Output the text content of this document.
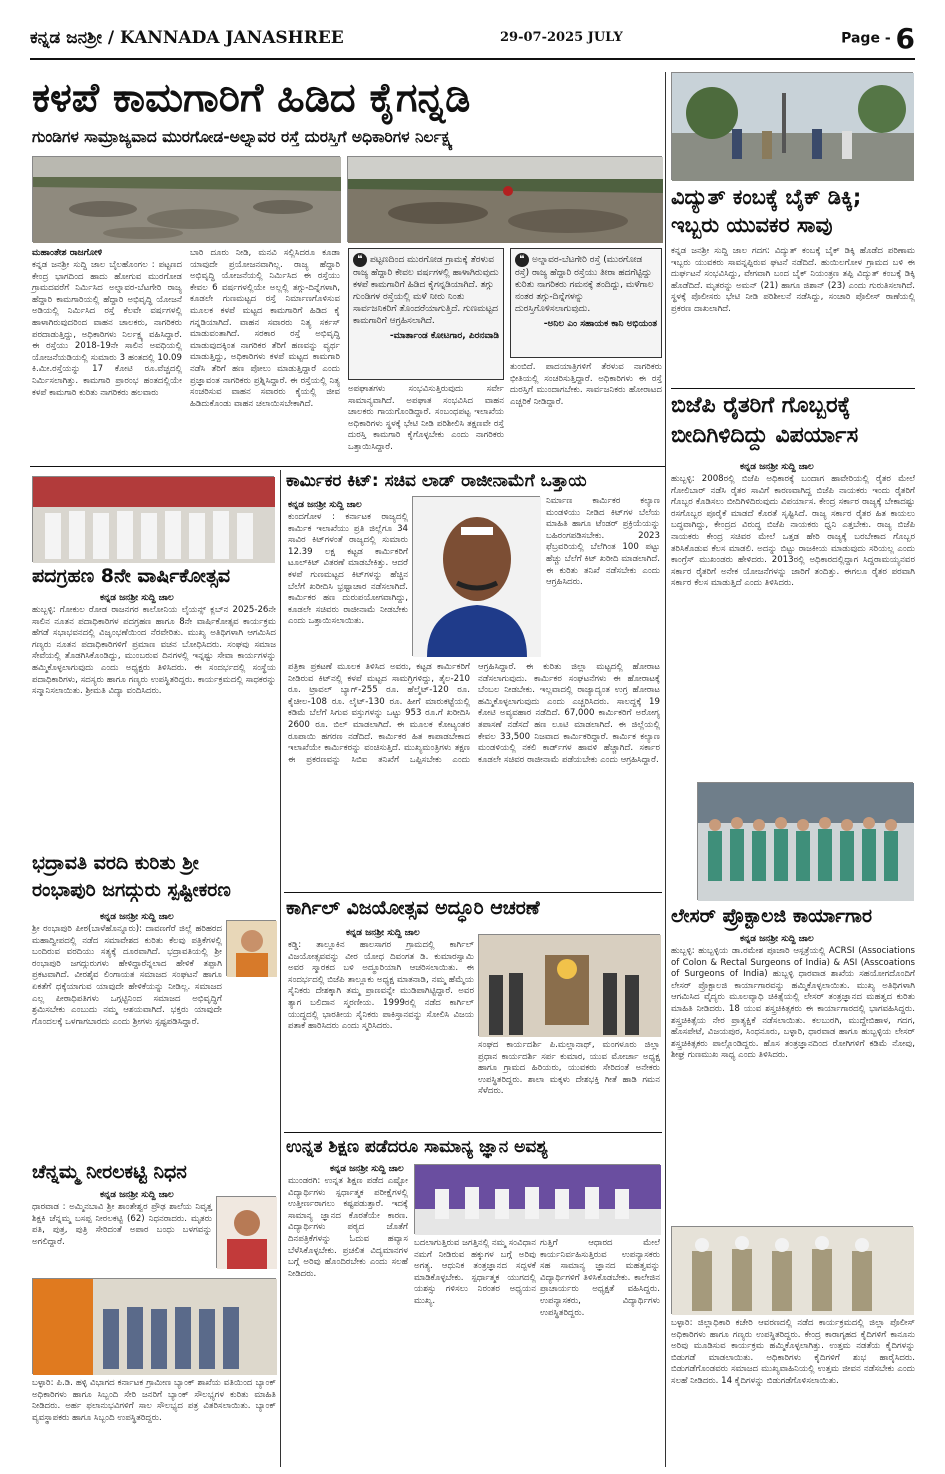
ಕನ್ನಡ ಜನಶ್ರೀ / KANNADA JANASHREE	29-07-2025 JULY	Page - 6
ಕಳಪೆ ಕಾಮಗಾರಿಗೆ ಹಿಡಿದ ಕೈಗನ್ನಡಿ
ಗುಂಡಿಗಳ ಸಾಮ್ರಾಜ್ಯವಾದ ಮುರಗೋಡ-ಅಲ್ನಾವರ ರಸ್ತೆ ದುರಸ್ತಿಗೆ ಅಧಿಕಾರಿಗಳ ನಿರ್ಲಕ್ಷ್ಯ
ಮಹಾಂತೇಶ ರಾಜಗೋಳಿ
ಕನ್ನಡ ಜನಶ್ರೀ ಸುದ್ದಿ ಜಾಲ ಬೈಲಹೊಂಗಲ : ಪಟ್ಟಣದ ಕೇಂದ್ರ ಭಾಗದಿಂದ ಹಾದು ಹೋಗುವ ಮುರಗೋಡ ಗ್ರಾಮದವರೆಗೆ ನಿರ್ಮಿಸಿದ ಅಲ್ನಾವರ-ಬೆಟಗೇರಿ ರಾಜ್ಯ ಹೆದ್ದಾರಿ ಕಾಮಗಾರಿಯಲ್ಲಿ ಹೆದ್ದಾರಿ ಅಭಿವೃದ್ಧಿ ಯೋಜನೆ ಅಡಿಯಲ್ಲಿ ನಿರ್ಮಿಸಿದ ರಸ್ತೆ ಕೆಲವೇ ವರ್ಷಗಳಲ್ಲಿ ಹಾಳಾಗಿರುವುದರಿಂದ ವಾಹನ ಚಾಲಕರು, ನಾಗರಿಕರು ಪರದಾಡುತ್ತಿದ್ದು, ಅಧಿಕಾರಿಗಳು ನಿರ್ಲಕ್ಷ್ಯ ವಹಿಸಿದ್ದಾರೆ. ಈ ರಸ್ತೆಯು 2018-19ನೇ ಸಾಲಿನ ಅವಧಿಯಲ್ಲಿ ಯೋಜನೆಯಡಿಯಲ್ಲಿ ಸುಮಾರು 3 ಹಂತದಲ್ಲಿ 10.09 ಕಿ.ಮೀ.ರಸ್ತೆಯನ್ನು 17 ಕೋಟಿ ರೂ.ವೆಚ್ಚದಲ್ಲಿ ನಿರ್ಮಿಸಲಾಗಿತ್ತು. ಕಾಮಗಾರಿ ಪ್ರಾರಂಭ ಹಂತದಲ್ಲಿಯೇ ಕಳಪೆ ಕಾಮಗಾರಿ ಕುರಿತು ನಾಗರಿಕರು ಹಲವಾರು
ಬಾರಿ ದೂರು ನೀಡಿ, ಮನವಿ ಸಲ್ಲಿಸಿದರೂ ಕೂಡಾ ಯಾವುದೇ ಪ್ರಯೋಜನವಾಗಿಲ್ಲ. ರಾಜ್ಯ ಹೆದ್ದಾರಿ ಅಭಿವೃದ್ಧಿ ಯೋಜನೆಯಲ್ಲಿ ನಿರ್ಮಿಸಿದ ಈ ರಸ್ತೆಯು ಕೇವಲ 6 ವರ್ಷಗಳಲ್ಲಿಯೇ ಅಲ್ಲಲ್ಲಿ ತಗ್ಗು-ದಿನ್ನೆಗಳಾಗಿ, ಕೂಡಲೇ ಗುಣಮಟ್ಟದ ರಸ್ತೆ ನಿರ್ಮಾಣಗೊಳಿಸುವ ಮೂಲಕ ಕಳಪೆ ಮಟ್ಟದ ಕಾಮಗಾರಿಗೆ ಹಿಡಿದ ಕೈ ಗನ್ನಡಿಯಾಗಿದೆ. ವಾಹನ ಸವಾರರು ನಿತ್ಯ ಸರ್ಕಸ್ ಮಾಡುವಂತಾಗಿದೆ. ಸರಕಾರ ರಸ್ತೆ ಅಭಿವೃದ್ಧಿ ಮಾಡುವುದಕ್ಕಿಂತ ನಾಗರಿಕರ ತೆರಿಗೆ ಹಣವನ್ನು ವ್ಯರ್ಥ ಮಾಡುತ್ತಿದ್ದು, ಅಧಿಕಾರಿಗಳು ಕಳಪೆ ಮಟ್ಟದ ಕಾಮಗಾರಿ ನಡೆಸಿ ತೆರಿಗೆ ಹಣ ಪೋಲು ಮಾಡುತ್ತಿದ್ದಾರೆ ಎಂದು ಪ್ರಜ್ಞಾವಂತ ನಾಗರಿಕರು ಪ್ರಶ್ನಿಸಿದ್ದಾರೆ. ಈ ರಸ್ತೆಯಲ್ಲಿ ನಿತ್ಯ ಸಂಚರಿಸುವ ವಾಹನ ಸವಾರರು ಕೈಯಲ್ಲಿ ಜೀವ ಹಿಡಿದುಕೊಂಡು ವಾಹನ ಚಲಾಯಿಸಬೇಕಾಗಿದೆ.
❝ ಪಟ್ಟಣದಿಂದ ಮುರಗೋಡ ಗ್ರಾಮಕ್ಕೆ ತೆರಳುವ ರಾಜ್ಯ ಹೆದ್ದಾರಿ ಕೇವಲ ವರ್ಷಗಳಲ್ಲಿ ಹಾಳಾಗಿರುವುದು ಕಳಪೆ ಕಾಮಗಾರಿಗೆ ಹಿಡಿದ ಕೈಗನ್ನಡಿಯಾಗಿದೆ. ತಗ್ಗು ಗುಂಡಿಗಳ ರಸ್ತೆಯಲ್ಲಿ ಮಳೆ ನೀರು ನಿಂತು ಸಾರ್ವಜನಿಕರಿಗೆ ತೊಂದರೆಯಾಗುತ್ತಿದೆ. ಗುಣಮಟ್ಟದ ಕಾಮಗಾರಿಗೆ ಆಗ್ರಹಿಸಲಾಗಿದೆ.
-ಮಾರ್ತಾಂಡ ಕೋಟಗಾರ, ಪಿರನವಾಡಿ
❝ ಅಲ್ನಾವರ-ಬೆಟಗೇರಿ ರಸ್ತೆ (ಮುರಗೋಡ ರಸ್ತೆ) ರಾಜ್ಯ ಹೆದ್ದಾರಿ ರಸ್ತೆಯು ತೀರಾ ಹದಗೆಟ್ಟಿದ್ದು ಕುರಿತು ನಾಗರಿಕರು ಗಮನಕ್ಕೆ ತಂದಿದ್ದು, ಮಳೆಗಾಲ ನಂತರ ತಗ್ಗು-ದಿನ್ನೆಗಳನ್ನು ದುರಸ್ತಿಗೊಳಿಸಲಾಗುವುದು.
-ಅನಿಲ ಎಂ ಸಹಾಯಕ ಕಾನಿ ಅಭಿಯಂತ
ಅಪಘಾತಗಳು ಸಂಭವಿಸುತ್ತಿರುವುದು ಸರ್ವೇ ಸಾಮಾನ್ಯವಾಗಿದೆ. ಅಪಘಾತ ಸಂಭವಿಸಿದ ವಾಹನ ಚಾಲಕರು ಗಾಯಗೊಂಡಿದ್ದಾರೆ. ಸಂಬಂಧಪಟ್ಟ ಇಲಾಖೆಯ ಅಧಿಕಾರಿಗಳು ಸ್ಥಳಕ್ಕೆ ಭೇಟಿ ನೀಡಿ ಪರಿಶೀಲಿಸಿ ತಕ್ಷಣವೇ ರಸ್ತೆ ದುರಸ್ತಿ ಕಾಮಗಾರಿ ಕೈಗೊಳ್ಳಬೇಕು ಎಂದು ನಾಗರಿಕರು ಒತ್ತಾಯಿಸಿದ್ದಾರೆ.
ತುಂಬಿದೆ. ಪಾದಯಾತ್ರಿಗಳಿಗೆ ತೆರಳುವ ನಾಗರಿಕರು ಭೀತಿಯಲ್ಲಿ ಸಂಚರಿಸುತ್ತಿದ್ದಾರೆ. ಅಧಿಕಾರಿಗಳು ಈ ರಸ್ತೆ ದುರಸ್ತಿಗೆ ಮುಂದಾಗಬೇಕು. ಸಾರ್ವಜನಿಕರು ಹೋರಾಟದ ಎಚ್ಚರಿಕೆ ನೀಡಿದ್ದಾರೆ.
ವಿದ್ಯುತ್ ಕಂಬಕ್ಕೆ ಬೈಕ್ ಡಿಕ್ಕಿ;
ಇಬ್ಬರು ಯುವಕರ ಸಾವು
ಕನ್ನಡ ಜನಶ್ರೀ ಸುದ್ದಿ ಜಾಲ ಗದಗ: ವಿದ್ಯುತ್ ಕಂಬಕ್ಕೆ ಬೈಕ್ ಡಿಕ್ಕಿ ಹೊಡೆದ ಪರಿಣಾಮ ಇಬ್ಬರು ಯುವಕರು ಸಾವನ್ನಪ್ಪಿರುವ ಘಟನೆ ನಡೆದಿದೆ. ಹುಯಿಲಗೋಳ ಗ್ರಾಮದ ಬಳಿ ಈ ದುರ್ಘಟನೆ ಸಂಭವಿಸಿದ್ದು, ವೇಗವಾಗಿ ಬಂದ ಬೈಕ್ ನಿಯಂತ್ರಣ ತಪ್ಪಿ ವಿದ್ಯುತ್ ಕಂಬಕ್ಕೆ ಡಿಕ್ಕಿ ಹೊಡೆದಿದೆ. ಮೃತರನ್ನು ಅಮನ್ (21) ಹಾಗೂ ಜಿಶಾನ್ (23) ಎಂದು ಗುರುತಿಸಲಾಗಿದೆ. ಸ್ಥಳಕ್ಕೆ ಪೊಲೀಸರು ಭೇಟಿ ನೀಡಿ ಪರಿಶೀಲನೆ ನಡೆಸಿದ್ದು, ಸಂಚಾರಿ ಪೊಲೀಸ್ ಠಾಣೆಯಲ್ಲಿ ಪ್ರಕರಣ ದಾಖಲಾಗಿದೆ.
ಬಿಜೆಪಿ ರೈತರಿಗೆ ಗೊಬ್ಬರಕ್ಕೆ
ಬೀದಿಗಿಳಿದಿದ್ದು ವಿಪರ್ಯಾಸ
ಕನ್ನಡ ಜನಶ್ರೀ ಸುದ್ದಿ ಜಾಲ
ಹುಬ್ಬಳ್ಳಿ: 2008ರಲ್ಲಿ ಬಿಜೆಪಿ ಅಧಿಕಾರಕ್ಕೆ ಬಂದಾಗ ಹಾವೇರಿಯಲ್ಲಿ ರೈತರ ಮೇಲೆ ಗೋಲಿಬಾರ್ ನಡೆಸಿ ರೈತರ ಸಾವಿಗೆ ಕಾರಣವಾಗಿದ್ದ ಬಿಜೆಪಿ ನಾಯಕರು ಇಂದು ರೈತರಿಗೆ ಗೊಬ್ಬರ ಕೊಡಿಸಲು ಬೀದಿಗಿಳಿದಿರುವುದು ವಿಪರ್ಯಾಸ. ಕೇಂದ್ರ ಸರ್ಕಾರ ರಾಜ್ಯಕ್ಕೆ ಬೇಕಾದಷ್ಟು ರಸಗೊಬ್ಬರ ಪೂರೈಕೆ ಮಾಡದೆ ಕೊರತೆ ಸೃಷ್ಟಿಸಿದೆ. ರಾಜ್ಯ ಸರ್ಕಾರ ರೈತರ ಹಿತ ಕಾಯಲು ಬದ್ಧವಾಗಿದ್ದು, ಕೇಂದ್ರದ ವಿರುದ್ಧ ಬಿಜೆಪಿ ನಾಯಕರು ಧ್ವನಿ ಎತ್ತಬೇಕು. ರಾಜ್ಯ ಬಿಜೆಪಿ ನಾಯಕರು ಕೇಂದ್ರ ಸಚಿವರ ಮೇಲೆ ಒತ್ತಡ ಹೇರಿ ರಾಜ್ಯಕ್ಕೆ ಬರಬೇಕಾದ ಗೊಬ್ಬರ ತರಿಸಿಕೊಡುವ ಕೆಲಸ ಮಾಡಲಿ. ಅದನ್ನು ಬಿಟ್ಟು ರಾಜಕೀಯ ಮಾಡುವುದು ಸರಿಯಲ್ಲ ಎಂದು ಕಾಂಗ್ರೆಸ್ ಮುಖಂಡರು ಹೇಳಿದರು. 2013ರಲ್ಲಿ ಅಧಿಕಾರದಲ್ಲಿದ್ದಾಗ ಸಿದ್ದರಾಮಯ್ಯನವರ ಸರ್ಕಾರ ರೈತರಿಗೆ ಅನೇಕ ಯೋಜನೆಗಳನ್ನು ಜಾರಿಗೆ ತಂದಿತ್ತು. ಈಗಲೂ ರೈತರ ಪರವಾಗಿ ಸರ್ಕಾರ ಕೆಲಸ ಮಾಡುತ್ತಿದೆ ಎಂದು ತಿಳಿಸಿದರು.
ಲೇಸರ್ ಪ್ರೊಕ್ಟಾಲಜಿ ಕಾರ್ಯಾಗಾರ
ಕನ್ನಡ ಜನಶ್ರೀ ಸುದ್ದಿ ಜಾಲ
ಹುಬ್ಬಳ್ಳಿ: ಹುಬ್ಬಳ್ಳಿಯ ಡಾ.ರಮೇಶ ಪೂಜಾರಿ ಆಸ್ಪತ್ರೆಯಲ್ಲಿ ACRSI (Associations of Colon & Rectal Surgeons of India) & ASI (Asscoations of Surgeons of India) ಹುಬ್ಬಳ್ಳಿ ಧಾರವಾಡ ಶಾಖೆಯ ಸಹಯೋಗದೊಂದಿಗೆ ಲೇಸರ್ ಪ್ರೊಕ್ಟಾಲಜಿ ಕಾರ್ಯಾಗಾರವನ್ನು ಹಮ್ಮಿಕೊಳ್ಳಲಾಯಿತು. ಮುಖ್ಯ ಅತಿಥಿಗಳಾಗಿ ಆಗಮಿಸಿದ ವೈದ್ಯರು ಮೂಲವ್ಯಾಧಿ ಚಿಕಿತ್ಸೆಯಲ್ಲಿ ಲೇಸರ್ ತಂತ್ರಜ್ಞಾನದ ಮಹತ್ವದ ಕುರಿತು ಮಾಹಿತಿ ನೀಡಿದರು. 18 ಯುವ ಶಸ್ತ್ರಚಿಕಿತ್ಸಕರು ಈ ಕಾರ್ಯಾಗಾರದಲ್ಲಿ ಭಾಗವಹಿಸಿದ್ದರು. ಶಸ್ತ್ರಚಿಕಿತ್ಸೆಯ ನೇರ ಪ್ರಾತ್ಯಕ್ಷಿಕೆ ನಡೆಸಲಾಯಿತು. ಕಲಬುರಗಿ, ಮುದ್ದೇಬಿಹಾಳ, ಗದಗ, ಹೊಸಪೇಟೆ, ವಿಜಯಪುರ, ಸಿಂಧನೂರು, ಬಳ್ಳಾರಿ, ಧಾರವಾಡ ಹಾಗೂ ಹುಬ್ಬಳ್ಳಿಯ ಲೇಸರ್ ಶಸ್ತ್ರಚಿಕಿತ್ಸಕರು ಪಾಲ್ಗೊಂಡಿದ್ದರು. ಹೊಸ ತಂತ್ರಜ್ಞಾನದಿಂದ ರೋಗಿಗಳಿಗೆ ಕಡಿಮೆ ನೋವು, ಶೀಘ್ರ ಗುಣಮುಖ ಸಾಧ್ಯ ಎಂದು ತಿಳಿಸಿದರು.
ಬಳ್ಳಾರಿ: ಜಿಲ್ಲಾಧಿಕಾರಿ ಕಚೇರಿ ಆವರಣದಲ್ಲಿ ನಡೆದ ಕಾರ್ಯಕ್ರಮದಲ್ಲಿ ಜಿಲ್ಲಾ ಪೊಲೀಸ್ ಅಧಿಕಾರಿಗಳು ಹಾಗೂ ಗಣ್ಯರು ಉಪಸ್ಥಿತರಿದ್ದರು. ಕೇಂದ್ರ ಕಾರಾಗೃಹದ ಕೈದಿಗಳಿಗೆ ಕಾನೂನು ಅರಿವು ಮೂಡಿಸುವ ಕಾರ್ಯಕ್ರಮ ಹಮ್ಮಿಕೊಳ್ಳಲಾಗಿತ್ತು. ಉತ್ತಮ ನಡತೆಯ ಕೈದಿಗಳನ್ನು ಬಿಡುಗಡೆ ಮಾಡಲಾಯಿತು. ಅಧಿಕಾರಿಗಳು ಕೈದಿಗಳಿಗೆ ಶುಭ ಹಾರೈಸಿದರು. ಬಿಡುಗಡೆಗೊಂಡವರು ಸಮಾಜದ ಮುಖ್ಯವಾಹಿನಿಯಲ್ಲಿ ಉತ್ತಮ ಜೀವನ ನಡೆಸಬೇಕು ಎಂದು ಸಲಹೆ ನೀಡಿದರು. 14 ಕೈದಿಗಳನ್ನು ಬಿಡುಗಡೆಗೊಳಿಸಲಾಯಿತು.
ಪದಗ್ರಹಣ 8ನೇ ವಾರ್ಷಿಕೋತ್ಸವ
ಕನ್ನಡ ಜನಶ್ರೀ ಸುದ್ದಿ ಜಾಲ
ಹುಬ್ಬಳ್ಳಿ: ಗೋಕುಲ ರೋಡ ರಾಜನಗರ ಕಾಲೋನಿಯ ಲೈಯನ್ಸ್ ಕ್ಲಬ್‌ನ 2025-26ನೇ ಸಾಲಿನ ನೂತನ ಪದಾಧಿಕಾರಿಗಳ ಪದಗ್ರಹಣ ಹಾಗೂ 8ನೇ ವಾರ್ಷಿಕೋತ್ಸವ ಕಾರ್ಯಕ್ರಮ ಹೆಗಡೆ ಸಭಾಭವನದಲ್ಲಿ ವಿಜೃಂಭಣೆಯಿಂದ ನೆರವೇರಿತು. ಮುಖ್ಯ ಅತಿಥಿಗಳಾಗಿ ಆಗಮಿಸಿದ ಗಣ್ಯರು ನೂತನ ಪದಾಧಿಕಾರಿಗಳಿಗೆ ಪ್ರಮಾಣ ವಚನ ಬೋಧಿಸಿದರು. ಸಂಘವು ಸಮಾಜ ಸೇವೆಯಲ್ಲಿ ತೊಡಗಿಸಿಕೊಂಡಿದ್ದು, ಮುಂಬರುವ ದಿನಗಳಲ್ಲಿ ಇನ್ನಷ್ಟು ಸೇವಾ ಕಾರ್ಯಗಳನ್ನು ಹಮ್ಮಿಕೊಳ್ಳಲಾಗುವುದು ಎಂದು ಅಧ್ಯಕ್ಷರು ತಿಳಿಸಿದರು. ಈ ಸಂದರ್ಭದಲ್ಲಿ ಸಂಸ್ಥೆಯ ಪದಾಧಿಕಾರಿಗಳು, ಸದಸ್ಯರು ಹಾಗೂ ಗಣ್ಯರು ಉಪಸ್ಥಿತರಿದ್ದರು. ಕಾರ್ಯಕ್ರಮದಲ್ಲಿ ಸಾಧಕರನ್ನು ಸನ್ಮಾನಿಸಲಾಯಿತು. ಶ್ರೀಮತಿ ವಿದ್ಯಾ ವಂದಿಸಿದರು.
ಭದ್ರಾವತಿ ವರದಿ ಕುರಿತು ಶ್ರೀ
ರಂಭಾಪುರಿ ಜಗದ್ಗುರು ಸ್ಪಷ್ಟೀಕರಣ
ಕನ್ನಡ ಜನಶ್ರೀ ಸುದ್ದಿ ಜಾಲ
ಶ್ರೀ ರಂಭಾಪುರಿ ಪೀಠ(ಬಾಳೆಹೊನ್ನೂರು): ದಾವಣಗೆರೆ ಜಿಲ್ಲೆ ಹರಿಹರದ ಮಹಾದ್ವೀಪದಲ್ಲಿ ನಡೆದ ಸಮಾವೇಶದ ಕುರಿತು ಕೆಲವು ಪತ್ರಿಕೆಗಳಲ್ಲಿ ಬಂದಿರುವ ವರದಿಯು ಸತ್ಯಕ್ಕೆ ದೂರವಾಗಿದೆ. ಭದ್ರಾವತಿಯಲ್ಲಿ ಶ್ರೀ ರಂಭಾಪುರಿ ಜಗದ್ಗುರುಗಳು ಹೇಳಿದ್ದಾರೆನ್ನಲಾದ ಹೇಳಿಕೆ ತಪ್ಪಾಗಿ ಪ್ರಕಟವಾಗಿದೆ. ವೀರಶೈವ ಲಿಂಗಾಯತ ಸಮಾಜದ ಸಂಘಟನೆ ಹಾಗೂ ಏಕತೆಗೆ ಧಕ್ಕೆಯಾಗುವ ಯಾವುದೇ ಹೇಳಿಕೆಯನ್ನು ನೀಡಿಲ್ಲ. ಸಮಾಜದ ಎಲ್ಲ ಪೀಠಾಧಿಪತಿಗಳು ಒಗ್ಗಟ್ಟಿನಿಂದ ಸಮಾಜದ ಅಭಿವೃದ್ಧಿಗೆ ಶ್ರಮಿಸಬೇಕು ಎಂಬುದು ನಮ್ಮ ಆಶಯವಾಗಿದೆ. ಭಕ್ತರು ಯಾವುದೇ ಗೊಂದಲಕ್ಕೆ ಒಳಗಾಗಬಾರದು ಎಂದು ಶ್ರೀಗಳು ಸ್ಪಷ್ಟಪಡಿಸಿದ್ದಾರೆ.
ಚೆನ್ನಮ್ಮ ನೀರಲಕಟ್ಟಿ ನಿಧನ
ಕನ್ನಡ ಜನಶ್ರೀ ಸುದ್ದಿ ಜಾಲ
ಧಾರವಾಡ : ಅಮ್ಮಿನಬಾವಿ ಶ್ರೀ ಶಾಂತೇಶ್ವರ ಪ್ರೌಢ ಶಾಲೆಯ ನಿವೃತ್ತ ಶಿಕ್ಷಕಿ ಚೆನ್ನಮ್ಮ ಬಸಪ್ಪ ನೀರಲಕಟ್ಟಿ (62) ನಿಧನರಾದರು. ಮೃತರು ಪತಿ, ಪುತ್ರ, ಪುತ್ರಿ ಸೇರಿದಂತೆ ಅಪಾರ ಬಂಧು ಬಳಗವನ್ನು ಅಗಲಿದ್ದಾರೆ.
ಬಳ್ಳಾರಿ: ಪಿ.ಡಿ. ಹಳ್ಳಿ ವಿಭಾಗದ ಕರ್ನಾಟಕ ಗ್ರಾಮೀಣ ಬ್ಯಾಂಕ್ ಶಾಖೆಯ ವತಿಯಿಂದ ಬ್ಯಾಂಕ್ ಅಧಿಕಾರಿಗಳು ಹಾಗೂ ಸಿಬ್ಬಂದಿ ಸೇರಿ ಜನರಿಗೆ ಬ್ಯಾಂಕ್ ಸೌಲಭ್ಯಗಳ ಕುರಿತು ಮಾಹಿತಿ ನೀಡಿದರು. ಅರ್ಹ ಫಲಾನುಭವಿಗಳಿಗೆ ಸಾಲ ಸೌಲಭ್ಯದ ಪತ್ರ ವಿತರಿಸಲಾಯಿತು. ಬ್ಯಾಂಕ್ ವ್ಯವಸ್ಥಾಪಕರು ಹಾಗೂ ಸಿಬ್ಬಂದಿ ಉಪಸ್ಥಿತರಿದ್ದರು.
ಕಾರ್ಮಿಕರ ಕಿಟ್: ಸಚಿವ ಲಾಡ್ ರಾಜೀನಾಮೆಗೆ ಒತ್ತಾಯ
ಕನ್ನಡ ಜನಶ್ರೀ ಸುದ್ದಿ ಜಾಲ
ಕುಂದಗೋಳ : ಕರ್ನಾಟಕ ರಾಜ್ಯದಲ್ಲಿ ಕಾರ್ಮಿಕ ಇಲಾಖೆಯು ಪ್ರತಿ ಜಿಲ್ಲೆಗೂ 34 ಸಾವಿರ ಕಿಟ್‌ಗಳಂತೆ ರಾಜ್ಯದಲ್ಲಿ ಸುಮಾರು 12.39 ಲಕ್ಷ ಕಟ್ಟಡ ಕಾರ್ಮಿಕರಿಗೆ ಟೂಲ್‌ಕಿಟ್ ವಿತರಣೆ ಮಾಡಬೇಕಿತ್ತು. ಆದರೆ ಕಳಪೆ ಗುಣಮಟ್ಟದ ಕಿಟ್‌ಗಳನ್ನು ಹೆಚ್ಚಿನ ಬೆಲೆಗೆ ಖರೀದಿಸಿ ಭ್ರಷ್ಟಾಚಾರ ನಡೆಸಲಾಗಿದೆ. ಕಾರ್ಮಿಕರ ಹಣ ದುರುಪಯೋಗವಾಗಿದ್ದು, ಕೂಡಲೇ ಸಚಿವರು ರಾಜೀನಾಮೆ ನೀಡಬೇಕು ಎಂದು ಒತ್ತಾಯಿಸಲಾಯಿತು.
ನಿರ್ಮಾಣ ಕಾರ್ಮಿಕರ ಕಲ್ಯಾಣ ಮಂಡಳಿಯು ನೀಡಿದ ಕಿಟ್‌ಗಳ ಬೆಲೆಯ ಮಾಹಿತಿ ಹಾಗೂ ಟೆಂಡರ್ ಪ್ರಕ್ರಿಯೆಯನ್ನು ಬಹಿರಂಗಪಡಿಸಬೇಕು. 2023 ಫೆಬ್ರವರಿಯಲ್ಲಿ ಬೆಲೆಗಿಂತ 100 ಪಟ್ಟು ಹೆಚ್ಚು ಬೆಲೆಗೆ ಕಿಟ್ ಖರೀದಿ ಮಾಡಲಾಗಿದೆ. ಈ ಕುರಿತು ತನಿಖೆ ನಡೆಸಬೇಕು ಎಂದು ಆಗ್ರಹಿಸಿದರು.
ಪತ್ರಿಕಾ ಪ್ರಕಟಣೆ ಮೂಲಕ ತಿಳಿಸಿದ ಅವರು, ಕಟ್ಟಡ ಕಾರ್ಮಿಕರಿಗೆ ನೀಡಿರುವ ಕಿಟ್‌ನಲ್ಲಿ ಕಳಪೆ ಮಟ್ಟದ ಸಾಮಗ್ರಿಗಳಿದ್ದು, ತೈಲ-210 ರೂ. ಟ್ರಾವಲ್ ಬ್ಯಾಗ್-255 ರೂ. ಹೆಲ್ಮೆಟ್-120 ರೂ. ಕೈಚೀಲ-108 ರೂ. ಲೈಟ್-130 ರೂ. ಹೀಗೆ ಮಾರುಕಟ್ಟೆಯಲ್ಲಿ ಕಡಿಮೆ ಬೆಲೆಗೆ ಸಿಗುವ ವಸ್ತುಗಳನ್ನು ಒಟ್ಟು 953 ರೂ.ಗೆ ಖರೀದಿಸಿ 2600 ರೂ. ಬಿಲ್ ಮಾಡಲಾಗಿದೆ. ಈ ಮೂಲಕ ಕೋಟ್ಯಂತರ ರೂಪಾಯಿ ಹಗರಣ ನಡೆದಿದೆ. ಕಾರ್ಮಿಕರ ಹಿತ ಕಾಪಾಡಬೇಕಾದ ಇಲಾಖೆಯೇ ಕಾರ್ಮಿಕರನ್ನು ವಂಚಿಸುತ್ತಿದೆ. ಮುಖ್ಯಮಂತ್ರಿಗಳು ತಕ್ಷಣ ಈ ಪ್ರಕರಣವನ್ನು ಸಿಬಿಐ ತನಿಖೆಗೆ ಒಪ್ಪಿಸಬೇಕು ಎಂದು ಆಗ್ರಹಿಸಿದ್ದಾರೆ. ಈ ಕುರಿತು ಜಿಲ್ಲಾ ಮಟ್ಟದಲ್ಲಿ ಹೋರಾಟ ನಡೆಸಲಾಗುವುದು. ಕಾರ್ಮಿಕರ ಸಂಘಟನೆಗಳು ಈ ಹೋರಾಟಕ್ಕೆ ಬೆಂಬಲ ನೀಡಬೇಕು. ಇಲ್ಲವಾದಲ್ಲಿ ರಾಜ್ಯಾದ್ಯಂತ ಉಗ್ರ ಹೋರಾಟ ಹಮ್ಮಿಕೊಳ್ಳಲಾಗುವುದು ಎಂದು ಎಚ್ಚರಿಸಿದರು. ಸಾಲದ್ದಕ್ಕೆ 19 ಕೋಟಿ ಅವ್ಯವಹಾರ ನಡೆದಿದೆ. 67,000 ಕಾರ್ಮಿಕರಿಗೆ ಅರೋಗ್ಯ ತಪಾಸಣೆ ನಡೆಸದೆ ಹಣ ಲೂಟಿ ಮಾಡಲಾಗಿದೆ. ಈ ಜಿಲ್ಲೆಯಲ್ಲಿ ಕೇವಲ 33,500 ನಿಜವಾದ ಕಾರ್ಮಿಕರಿದ್ದಾರೆ. ಕಾರ್ಮಿಕ ಕಲ್ಯಾಣ ಮಂಡಳಿಯಲ್ಲಿ ನಕಲಿ ಕಾರ್ಡ್‌ಗಳ ಹಾವಳಿ ಹೆಚ್ಚಾಗಿದೆ. ಸರ್ಕಾರ ಕೂಡಲೇ ಸಚಿವರ ರಾಜೀನಾಮೆ ಪಡೆಯಬೇಕು ಎಂದು ಆಗ್ರಹಿಸಿದ್ದಾರೆ.
ಕಾರ್ಗಿಲ್ ವಿಜಯೋತ್ಸವ ಅದ್ಧೂರಿ ಆಚರಣೆ
ಕನ್ನಡ ಜನಶ್ರೀ ಸುದ್ದಿ ಜಾಲ
ಕಡ್ಡಿ: ತಾಲ್ಲೂಕಿನ ಹಾಲಸಾಗರ ಗ್ರಾಮದಲ್ಲಿ ಕಾರ್ಗಿಲ್ ವಿಜಯೋತ್ಸವವನ್ನು ವೀರ ಯೋಧ ದಿವಂಗತ ಡಿ. ಕುಮಾರಸ್ವಾಮಿ ಅವರ ಸ್ಮಾರಕದ ಬಳಿ ಅದ್ಧೂರಿಯಾಗಿ ಆಚರಿಸಲಾಯಿತು. ಈ ಸಂದರ್ಭದಲ್ಲಿ ಬಿಜೆಪಿ ತಾಲ್ಲೂಕು ಅಧ್ಯಕ್ಷ ಮಾತನಾಡಿ, ನಮ್ಮ ಹೆಮ್ಮೆಯ ಸೈನಿಕರು ದೇಶಕ್ಕಾಗಿ ತಮ್ಮ ಪ್ರಾಣವನ್ನೇ ಮುಡಿಪಾಗಿಟ್ಟಿದ್ದಾರೆ. ಅವರ ತ್ಯಾಗ ಬಲಿದಾನ ಸ್ಮರಣೀಯ. 1999ರಲ್ಲಿ ನಡೆದ ಕಾರ್ಗಿಲ್ ಯುದ್ಧದಲ್ಲಿ ಭಾರತೀಯ ಸೈನಿಕರು ಪಾಕಿಸ್ತಾನವನ್ನು ಸೋಲಿಸಿ ವಿಜಯ ಪತಾಕೆ ಹಾರಿಸಿದರು ಎಂದು ಸ್ಮರಿಸಿದರು.
ಸಂಘದ ಕಾರ್ಯದರ್ಶಿ ಪಿ.ಮಲ್ಲಾನಾಥ್, ಮಂಗಳೂರು ಜಿಲ್ಲಾ ಪ್ರಧಾನ ಕಾರ್ಯದರ್ಶಿ ಸರ್ಪ ಕುಮಾರ, ಯುವ ಮೋರ್ಚಾ ಅಧ್ಯಕ್ಷ ಹಾಗೂ ಗ್ರಾಮದ ಹಿರಿಯರು, ಯುವಕರು ಸೇರಿದಂತೆ ಅನೇಕರು ಉಪಸ್ಥಿತರಿದ್ದರು. ಶಾಲಾ ಮಕ್ಕಳು ದೇಶಭಕ್ತಿ ಗೀತೆ ಹಾಡಿ ಗಮನ ಸೆಳೆದರು.
ಉನ್ನತ ಶಿಕ್ಷಣ ಪಡೆದರೂ ಸಾಮಾನ್ಯ ಜ್ಞಾನ ಅವಶ್ಯ
ಕನ್ನಡ ಜನಶ್ರೀ ಸುದ್ದಿ ಜಾಲ
ಮುಂಡರಗಿ: ಉನ್ನತ ಶಿಕ್ಷಣ ಪಡೆದ ಎಷ್ಟೋ ವಿದ್ಯಾರ್ಥಿಗಳು ಸ್ಪರ್ಧಾತ್ಮಕ ಪರೀಕ್ಷೆಗಳಲ್ಲಿ ಉತ್ತೀರ್ಣರಾಗಲು ಕಷ್ಟಪಡುತ್ತಾರೆ. ಇದಕ್ಕೆ ಸಾಮಾನ್ಯ ಜ್ಞಾನದ ಕೊರತೆಯೇ ಕಾರಣ. ವಿದ್ಯಾರ್ಥಿಗಳು ಪಠ್ಯದ ಜೊತೆಗೆ ದಿನಪತ್ರಿಕೆಗಳನ್ನು ಓದುವ ಹವ್ಯಾಸ ಬೆಳೆಸಿಕೊಳ್ಳಬೇಕು. ಪ್ರಚಲಿತ ವಿದ್ಯಮಾನಗಳ ಬಗ್ಗೆ ಅರಿವು ಹೊಂದಿರಬೇಕು ಎಂದು ಸಲಹೆ ನೀಡಿದರು.
ಬದಲಾಗುತ್ತಿರುವ ಜಗತ್ತಿನಲ್ಲಿ ನಮ್ಮ ಸಂವಿಧಾನ ನಮಗೆ ನೀಡಿರುವ ಹಕ್ಕುಗಳ ಬಗ್ಗೆ ಅರಿವು ಅಗತ್ಯ. ಆಧುನಿಕ ತಂತ್ರಜ್ಞಾನದ ಸದ್ಬಳಕೆ ಮಾಡಿಕೊಳ್ಳಬೇಕು. ಸ್ಪರ್ಧಾತ್ಮಕ ಯುಗದಲ್ಲಿ ಯಶಸ್ಸು ಗಳಿಸಲು ನಿರಂತರ ಅಧ್ಯಯನ ಮುಖ್ಯ.
ಗುತ್ತಿಗೆ ಆಧಾರದ ಮೇಲೆ ಕಾರ್ಯನಿರ್ವಹಿಸುತ್ತಿರುವ ಉಪನ್ಯಾಸಕರು ಸಹ ಸಾಮಾನ್ಯ ಜ್ಞಾನದ ಮಹತ್ವವನ್ನು ವಿದ್ಯಾರ್ಥಿಗಳಿಗೆ ತಿಳಿಸಿಕೊಡಬೇಕು. ಕಾಲೇಜಿನ ಪ್ರಾಚಾರ್ಯರು ಅಧ್ಯಕ್ಷತೆ ವಹಿಸಿದ್ದರು. ಉಪನ್ಯಾಸಕರು, ವಿದ್ಯಾರ್ಥಿಗಳು ಉಪಸ್ಥಿತರಿದ್ದರು.
